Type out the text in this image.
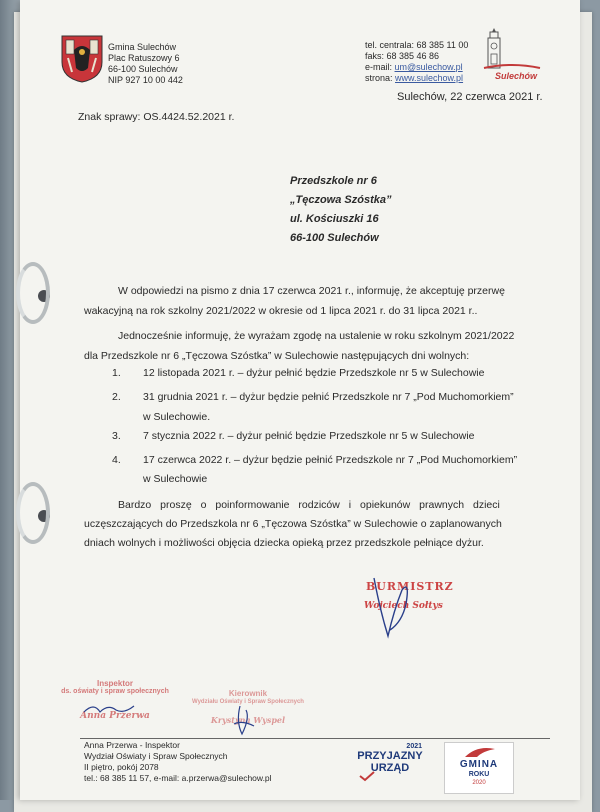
Gmina Sulechów
Plac Ratuszowy 6
66-100 Sulechów
NIP 927 10 00 442
tel. centrala: 68 385 11 00
faks: 68 385 46 86
e-mail: um@sulechow.pl
strona: www.sulechow.pl	Sulechów
Sulechów, 22 czerwca 2021 r.
Znak sprawy: OS.4424.52.2021 r.
Przedszkole nr 6
„Tęczowa Szóstka”
ul. Kościuszki 16
66-100 Sulechów
W odpowiedzi na pismo z dnia 17 czerwca 2021 r., informuję, że akceptuję przerwę
wakacyjną na rok szkolny 2021/2022 w okresie od 1 lipca 2021 r. do 31 lipca 2021 r..
Jednocześnie informuję, że wyrażam zgodę na ustalenie w roku szkolnym 2021/2022
dla Przedszkole nr 6 „Tęczowa Szóstka” w Sulechowie następujących dni wolnych:
1. 12 listopada 2021 r. – dyżur pełnić będzie Przedszkole nr 5 w Sulechowie
2. 31 grudnia 2021 r. – dyżur będzie pełnić Przedszkole nr 7 „Pod Muchomorkiem”
w Sulechowie.
3. 7 stycznia 2022 r. – dyżur pełnić będzie Przedszkole nr 5 w Sulechowie
4. 17 czerwca 2022 r. – dyżur będzie pełnić Przedszkole nr 7 „Pod Muchomorkiem”
w Sulechowie
Bardzo proszę o poinformowanie rodziców i opiekunów prawnych dzieci
uczęszczających do Przedszkola nr 6 „Tęczowa Szóstka” w Sulechowie o zaplanowanych
dniach wolnych i możliwości objęcia dziecka opieką przez przedszkole pełniące dyżur.
BURMISTRZ
Wojciech Sołtys
Inspektor
ds. oświaty i spraw społecznych
Anna Przerwa
Kierownik
Wydziału Oświaty i Spraw Społecznych
Krystyna Wyspel
Anna Przerwa - Inspektor
Wydział Oświaty i Spraw Społecznych
II piętro, pokój 2078
tel.: 68 385 11 57, e-mail: a.przerwa@sulechow.pl
2021
PRZYJAZNY
URZĄD	GMINA
ROKU
2020
